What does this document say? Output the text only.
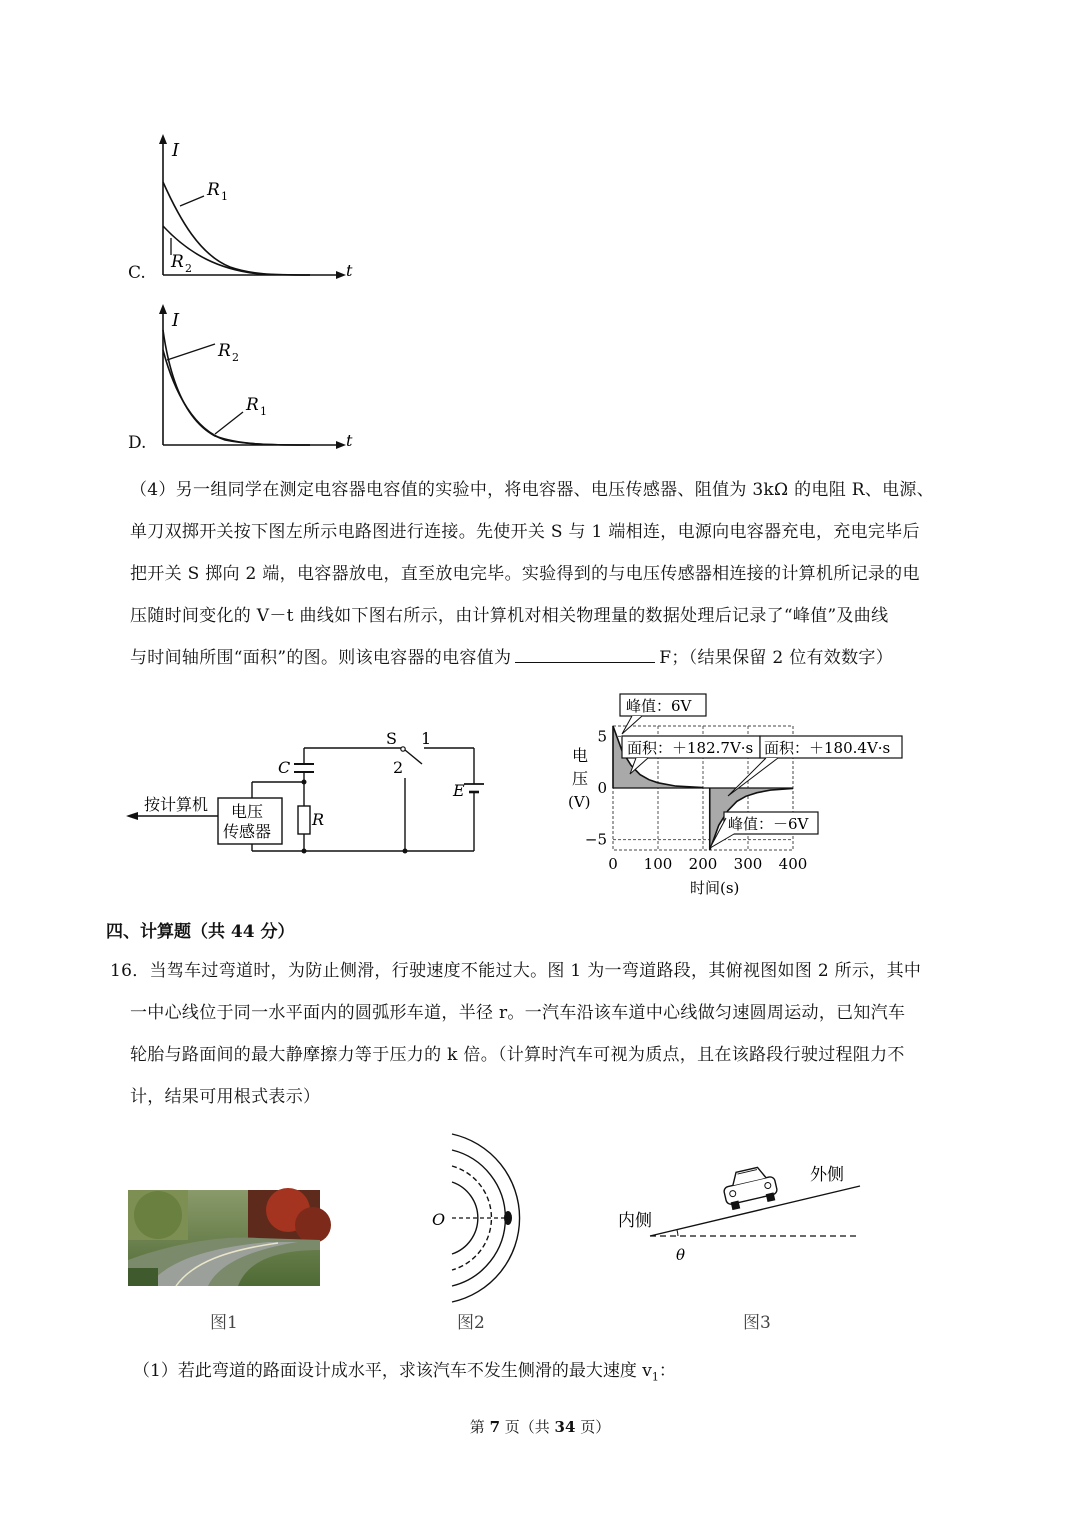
C.
I
t
R 1
R 2
D.
I
t
R 2
R 1
（4）另一组同学在测定电容器电容值的实验中，将电容器、电压传感器、阻值为 3kΩ 的电阻 R、电源、
单刀双掷开关按下图左所示电路图进行连接。先使开关 S 与 1 端相连，电源向电容器充电，充电完毕后
把开关 S 掷向 2 端，电容器放电，直至放电完毕。实验得到的与电压传感器相连接的计算机所记录的电
压随时间变化的 V－t 曲线如下图右所示，由计算机对相关物理量的数据处理后记录了“峰值”及曲线
与时间轴所围“面积”的图。则该电容器的电容值为	F；（结果保留 2 位有效数字）
按计算机 电压
传感器
C
R
S 1
2
E
电
压
(V)
0 100 200 300 400
5
0
−5
峰值：6V
面积：＋182.7V·s 面积：＋180.4V·s
峰值：－6V
时间(s)
四、计算题（共 44 分）
16．当驾车过弯道时，为防止侧滑，行驶速度不能过大。图 1 为一弯道路段，其俯视图如图 2 所示，其中
一中心线位于同一水平面内的圆弧形车道，半径 r。一汽车沿该车道中心线做匀速圆周运动，已知汽车
轮胎与路面间的最大静摩擦力等于压力的 k 倍。（计算时汽车可视为质点，且在该路段行驶过程阻力不
计，结果可用根式表示）
图1
O
图2
θ
内侧
外侧
图3
（1）若此弯道的路面设计成水平，求该汽车不发生侧滑的最大速度 $v_1$：
第 7 页（共 34 页）
